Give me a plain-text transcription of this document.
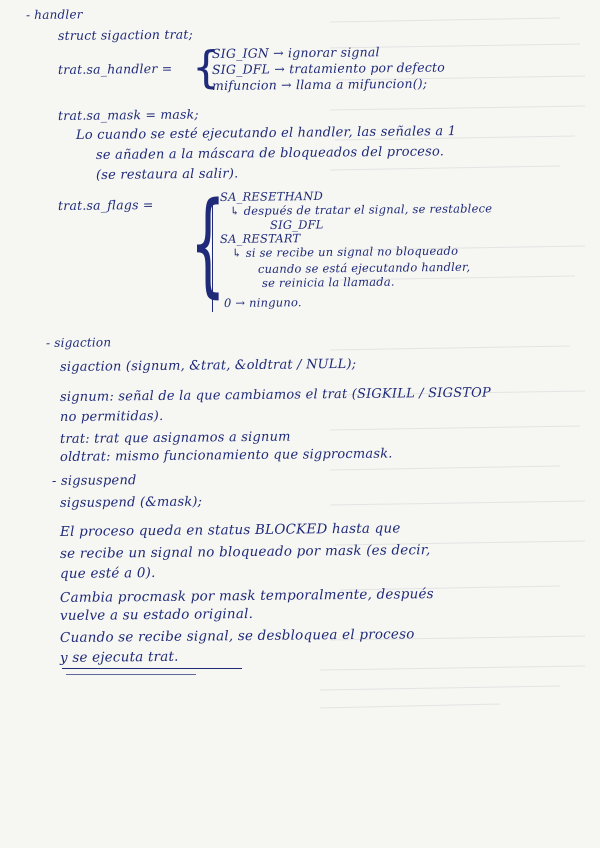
- handler
struct sigaction trat;
trat.sa_handler = {
SIG_IGN → ignorar signal
SIG_DFL → tratamiento por defecto
mifuncion → llama a mifuncion();
trat.sa_mask = mask;
Lo cuando se esté ejecutando el handler, las señales a 1
se añaden a la máscara de bloqueados del proceso.
(se restaura al salir).
trat.sa_flags = {
SA_RESETHAND
↳ después de tratar el signal, se restablece
SIG_DFL
SA_RESTART
↳ si se recibe un signal no bloqueado
cuando se está ejecutando handler,
se reinicia la llamada.
0 → ninguno.
- sigaction
sigaction (signum, &trat, &oldtrat / NULL);
signum: señal de la que cambiamos el trat (SIGKILL / SIGSTOP
no permitidas).
trat: trat que asignamos a signum
oldtrat: mismo funcionamiento que sigprocmask.
- sigsuspend
sigsuspend (&mask);
El proceso queda en status BLOCKED hasta que
se recibe un signal no bloqueado por mask (es decir,
que esté a 0).
Cambia procmask por mask temporalmente, después
vuelve a su estado original.
Cuando se recibe signal, se desbloquea el proceso
y se ejecuta trat.
